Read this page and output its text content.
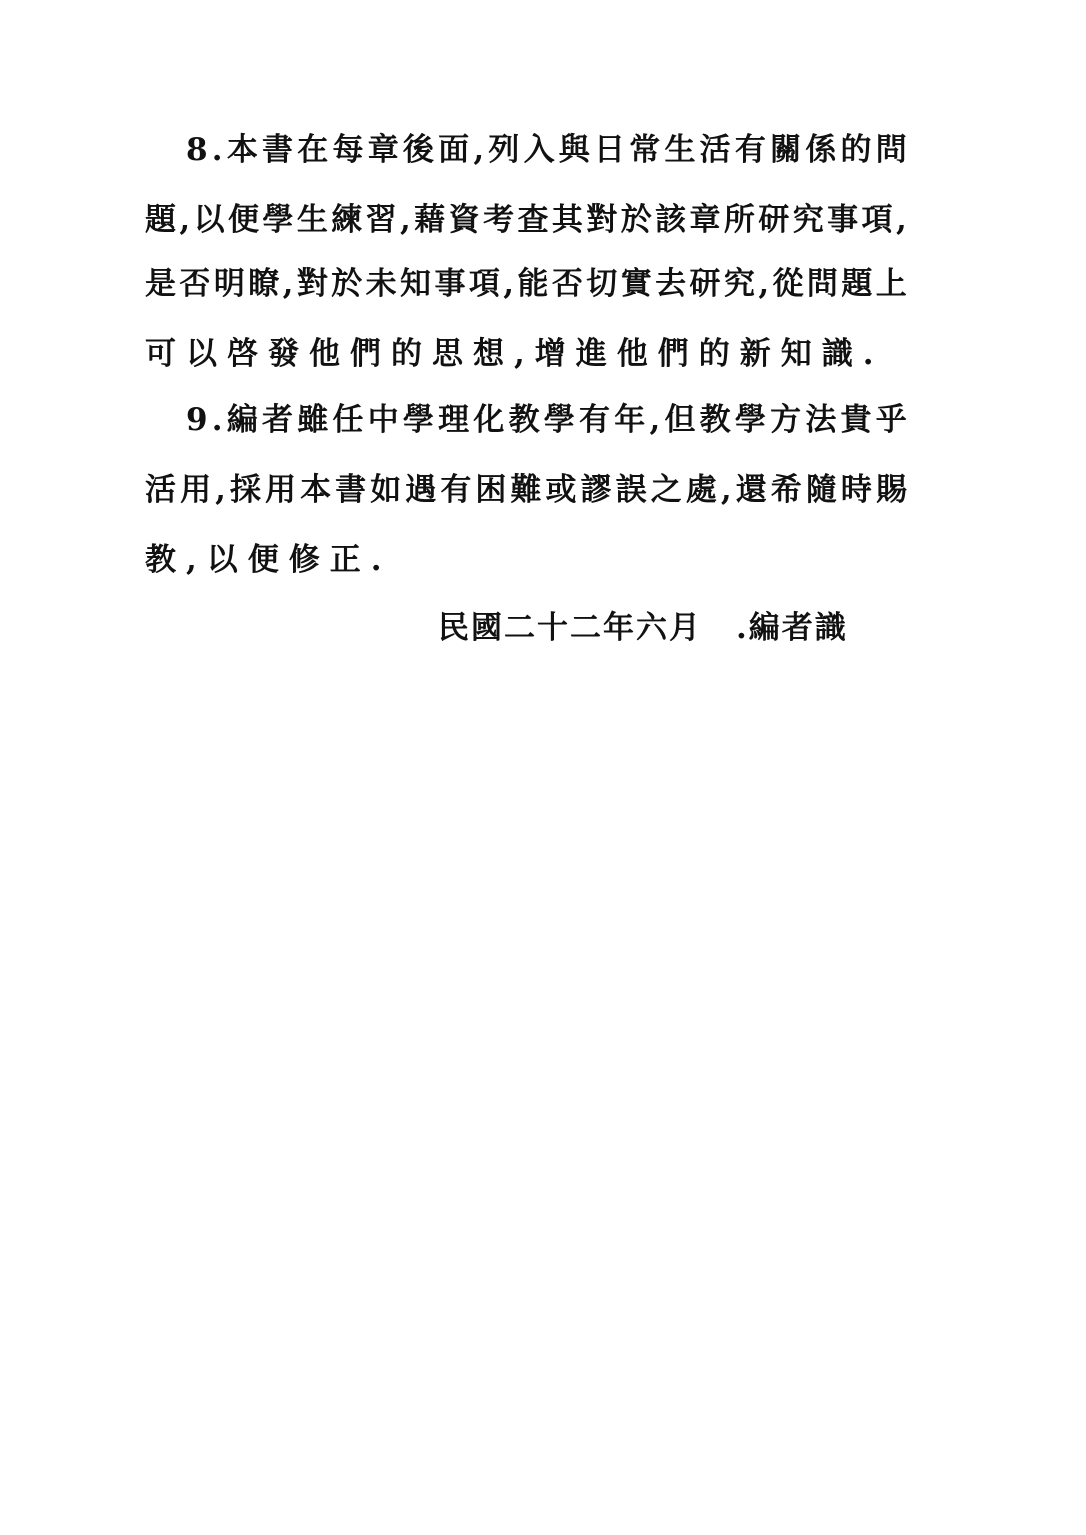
8 . 本 書 在 每 章 後 面 , 列 入 與 日 常 生 活 有 關 係 的 問
題 , 以 便 學 生 練 習 , 藉 資 考 查 其 對 於 該 章 所 研 究 事 項 ,
是 否 明 瞭 , 對 於 未 知 事 項 , 能 否 切 實 去 研 究 , 從 問 題 上
可 以 啓 發 他 們 的 思 想 , 增 進 他 們 的 新 知 識 .
9 . 編 者 雖 任 中 學 理 化 教 學 有 年 , 但 教 學 方 法 貴 乎
活 用 , 採 用 本 書 如 遇 有 困 難 或 謬 誤 之 處 , 還 希 隨 時 賜
教 , 以 便 修 正 .
民國二十二年六月 .編者識
